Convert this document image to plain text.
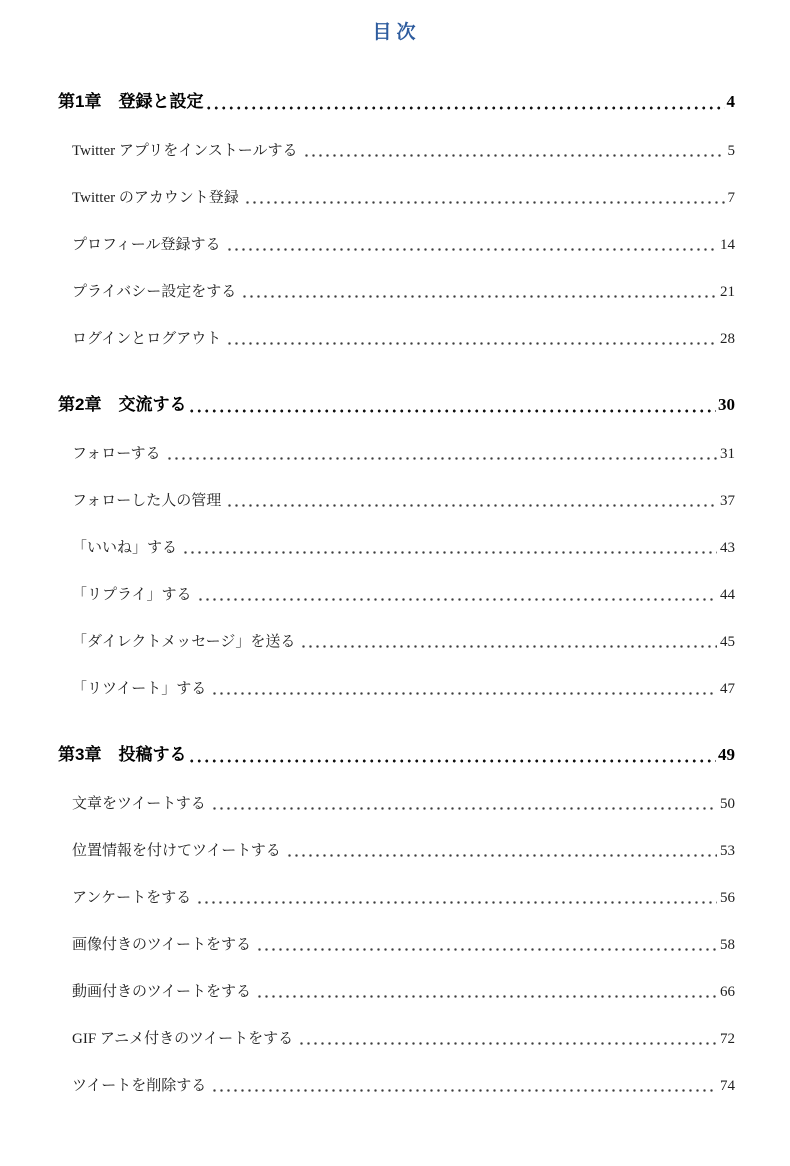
目次
第1章　登録と設定	4
Twitter アプリをインストールする	5
Twitter のアカウント登録	7
プロフィール登録する	14
プライバシー設定をする	21
ログインとログアウト	28
第2章　交流する	30
フォローする	31
フォローした人の管理	37
「いいね」する	43
「リプライ」する	44
「ダイレクトメッセージ」を送る	45
「リツイート」する	47
第3章　投稿する	49
文章をツイートする	50
位置情報を付けてツイートする	53
アンケートをする	56
画像付きのツイートをする	58
動画付きのツイートをする	66
GIF アニメ付きのツイートをする	72
ツイートを削除する	74
